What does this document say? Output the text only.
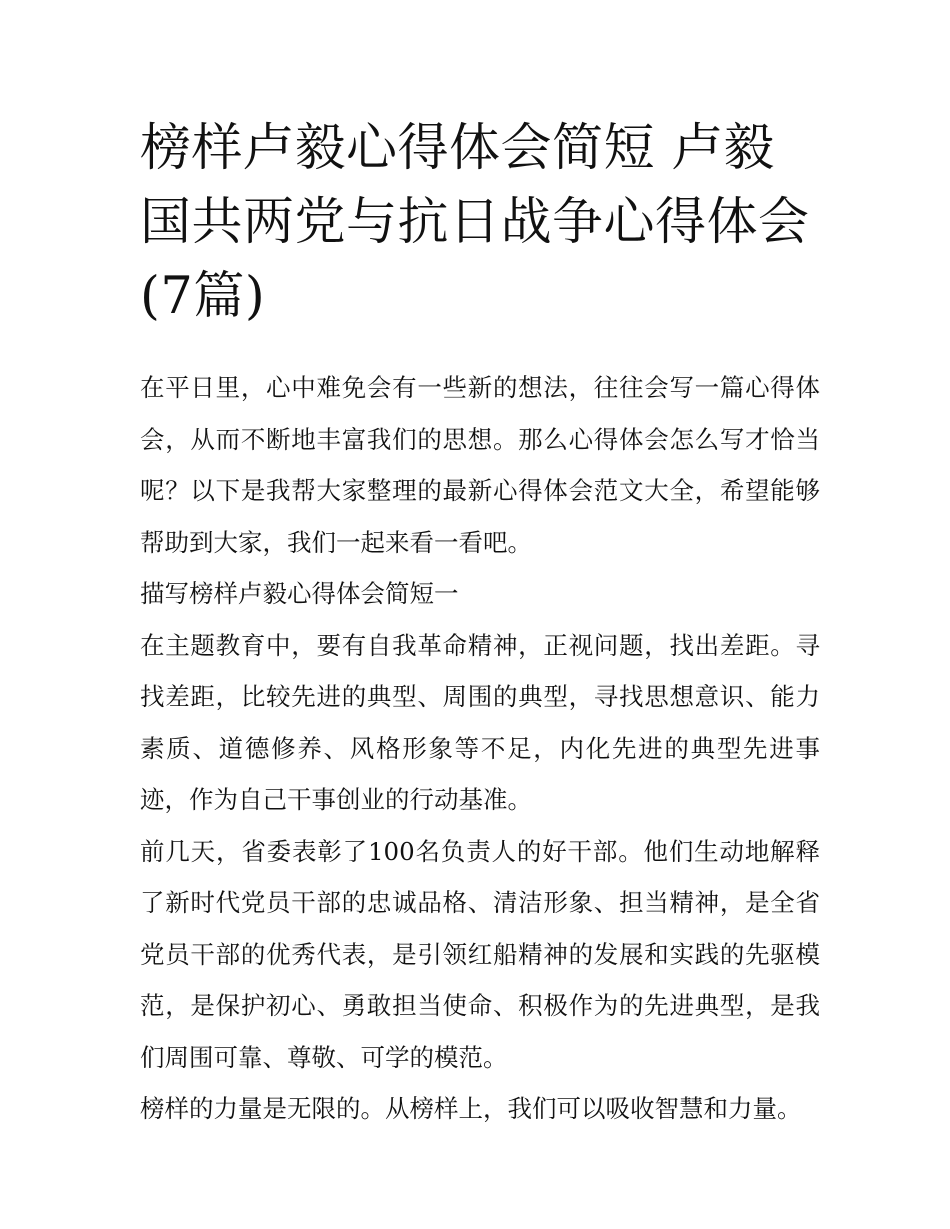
榜样卢毅心得体会简短 卢毅国共两党与抗日战争心得体会(7篇)

在平日里，心中难免会有一些新的想法，往往会写一篇心得体会，从而不断地丰富我们的思想。那么心得体会怎么写才恰当呢？以下是我帮大家整理的最新心得体会范文大全，希望能够帮助到大家，我们一起来看一看吧。

描写榜样卢毅心得体会简短一

在主题教育中，要有自我革命精神，正视问题，找出差距。寻找差距，比较先进的典型、周围的典型，寻找思想意识、能力素质、道德修养、风格形象等不足，内化先进的典型先进事迹，作为自己干事创业的行动基准。

前几天，省委表彰了100名负责人的好干部。他们生动地解释了新时代党员干部的忠诚品格、清洁形象、担当精神，是全省党员干部的优秀代表，是引领红船精神的发展和实践的先驱模范，是保护初心、勇敢担当使命、积极作为的先进典型，是我们周围可靠、尊敬、可学的模范。

榜样的力量是无限的。从榜样上，我们可以吸收智慧和力量。
